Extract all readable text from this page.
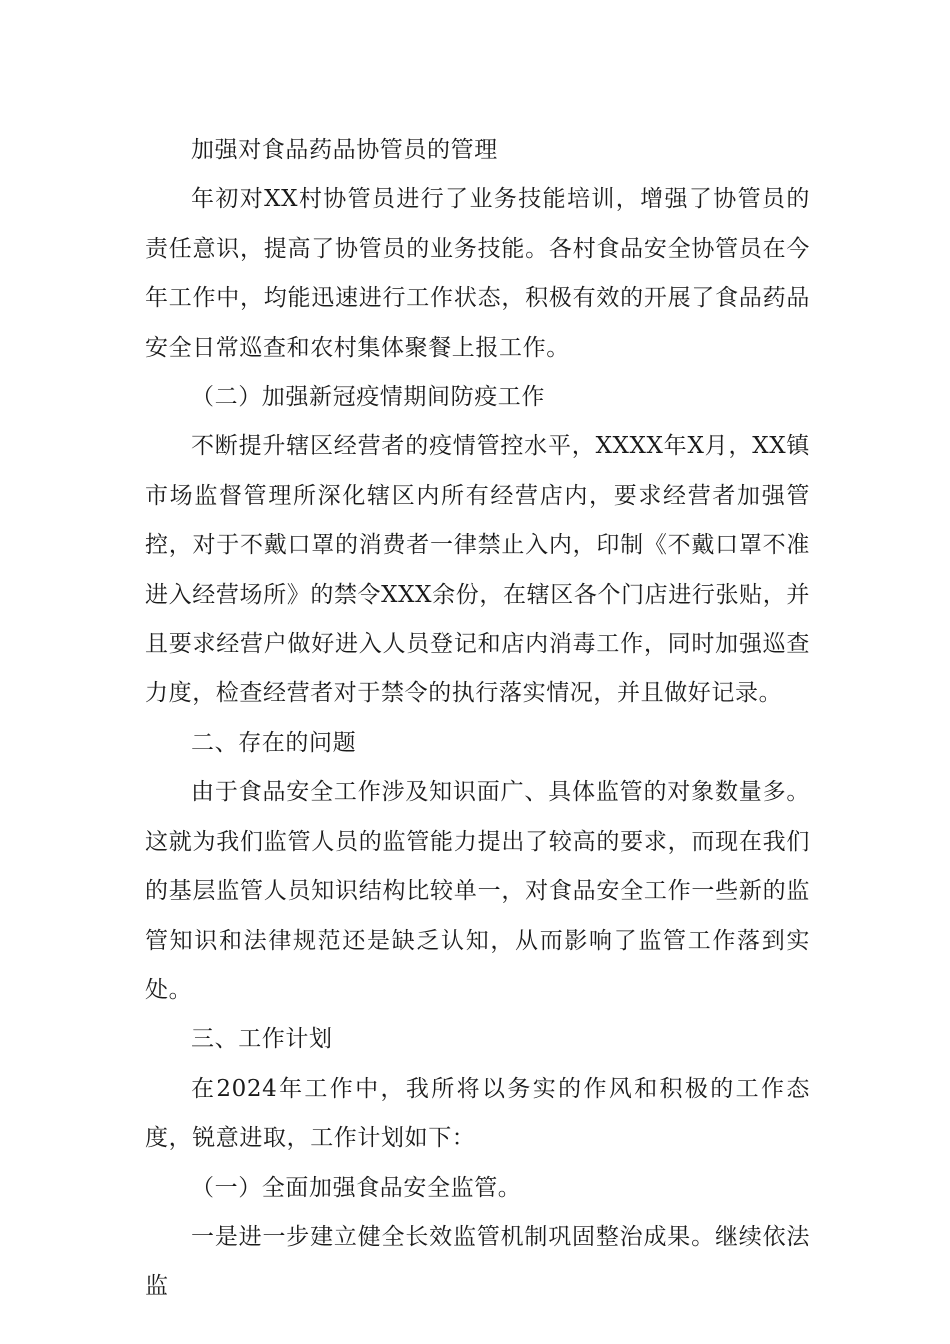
加强对食品药品协管员的管理

年初对XX村协管员进行了业务技能培训，增强了协管员的责任意识，提高了协管员的业务技能。各村食品安全协管员在今年工作中，均能迅速进行工作状态，积极有效的开展了食品药品安全日常巡查和农村集体聚餐上报工作。

（二）加强新冠疫情期间防疫工作

不断提升辖区经营者的疫情管控水平，XXXX年X月，XX镇市场监督管理所深化辖区内所有经营店内，要求经营者加强管控，对于不戴口罩的消费者一律禁止入内，印制《不戴口罩不准进入经营场所》的禁令XXX余份，在辖区各个门店进行张贴，并且要求经营户做好进入人员登记和店内消毒工作，同时加强巡查力度，检查经营者对于禁令的执行落实情况，并且做好记录。

二、存在的问题

由于食品安全工作涉及知识面广、具体监管的对象数量多。这就为我们监管人员的监管能力提出了较高的要求，而现在我们的基层监管人员知识结构比较单一，对食品安全工作一些新的监管知识和法律规范还是缺乏认知，从而影响了监管工作落到实处。

三、工作计划

在2024年工作中，我所将以务实的作风和积极的工作态度，锐意进取，工作计划如下：

（一）全面加强食品安全监管。

一是进一步建立健全长效监管机制巩固整治成果。继续依法监
